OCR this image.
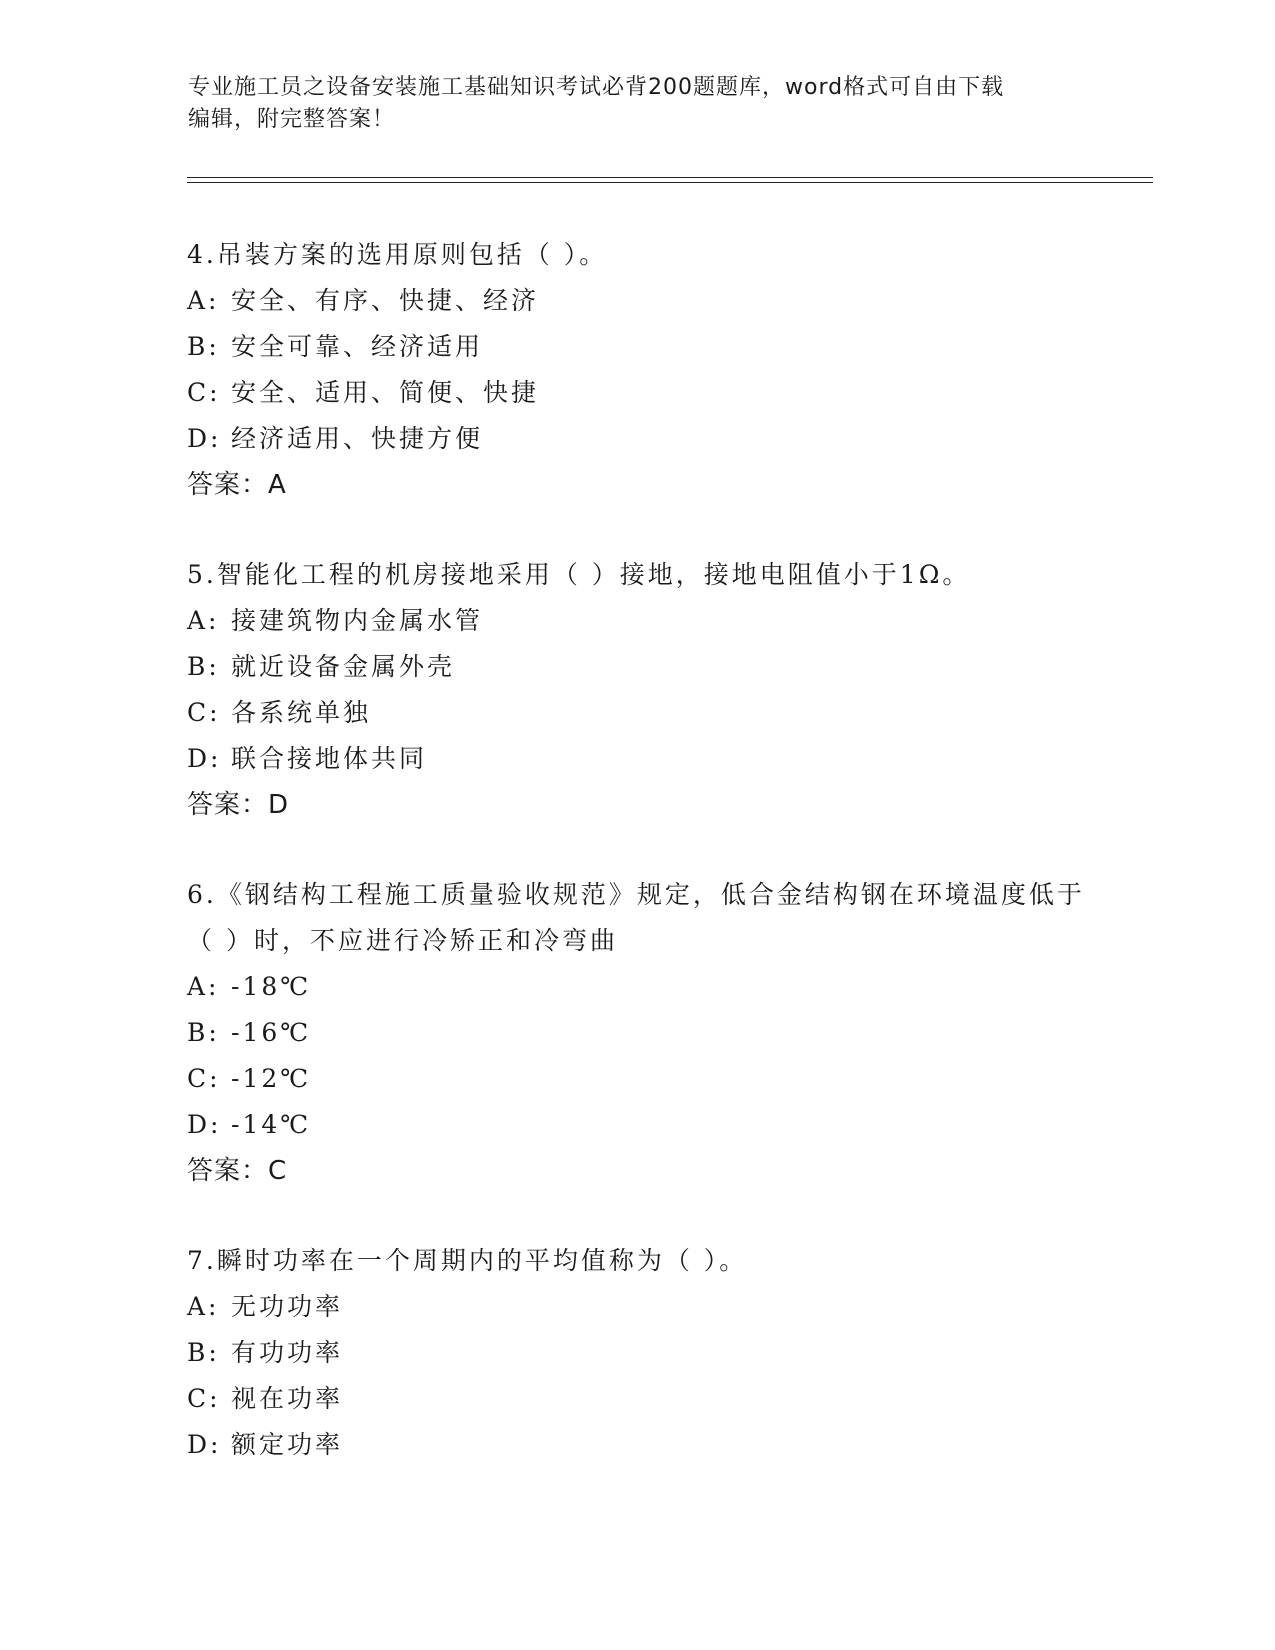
专业施工员之设备安装施工基础知识考试必背200题题库，word格式可自由下载
编辑，附完整答案！

4.吊装方案的选用原则包括（ ）。

A: 安全、有序、快捷、经济

B: 安全可靠、经济适用

C: 安全、适用、简便、快捷

D: 经济适用、快捷方便

答案：A

5.智能化工程的机房接地采用（ ）接地，接地电阻值小于1Ω。

A: 接建筑物内金属水管

B: 就近设备金属外壳

C: 各系统单独

D: 联合接地体共同

答案：D

6.《钢结构工程施工质量验收规范》规定，低合金结构钢在环境温度低于（ ）时，不应进行冷矫正和冷弯曲

A: -18℃

B: -16℃

C: -12℃

D: -14℃

答案：C

7.瞬时功率在一个周期内的平均值称为（ ）。

A: 无功功率

B: 有功功率

C: 视在功率

D: 额定功率
